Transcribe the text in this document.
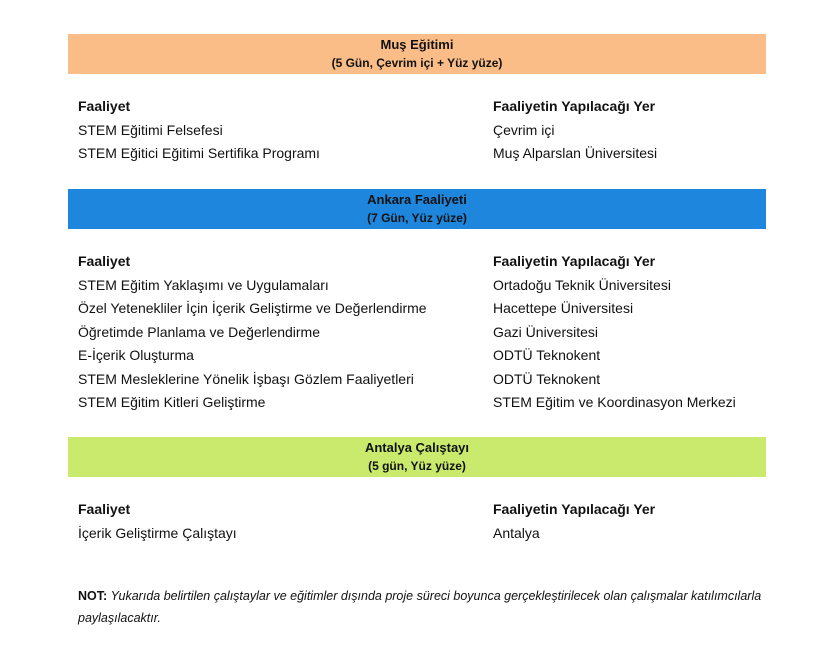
Muş Eğitimi
(5 Gün, Çevrim içi + Yüz yüze)
Faaliyet	Faaliyetin Yapılacağı Yer
STEM Eğitimi Felsefesi	Çevrim içi
STEM Eğitici Eğitimi Sertifika Programı	Muş Alparslan Üniversitesi
Ankara Faaliyeti
(7 Gün, Yüz yüze)
Faaliyet	Faaliyetin Yapılacağı Yer
STEM Eğitim Yaklaşımı ve Uygulamaları	Ortadoğu Teknik Üniversitesi
Özel Yetenekliler İçin İçerik Geliştirme ve Değerlendirme	Hacettepe Üniversitesi
Öğretimde Planlama ve Değerlendirme	Gazi Üniversitesi
E-İçerik Oluşturma	ODTÜ Teknokent
STEM Mesleklerine Yönelik İşbaşı Gözlem Faaliyetleri	ODTÜ Teknokent
STEM Eğitim Kitleri Geliştirme	STEM Eğitim ve Koordinasyon Merkezi
Antalya Çalıştayı
(5 gün, Yüz yüze)
Faaliyet	Faaliyetin Yapılacağı Yer
İçerik Geliştirme Çalıştayı	Antalya
NOT: Yukarıda belirtilen çalıştaylar ve eğitimler dışında proje süreci boyunca gerçekleştirilecek olan çalışmalar katılımcılarla paylaşılacaktır.
